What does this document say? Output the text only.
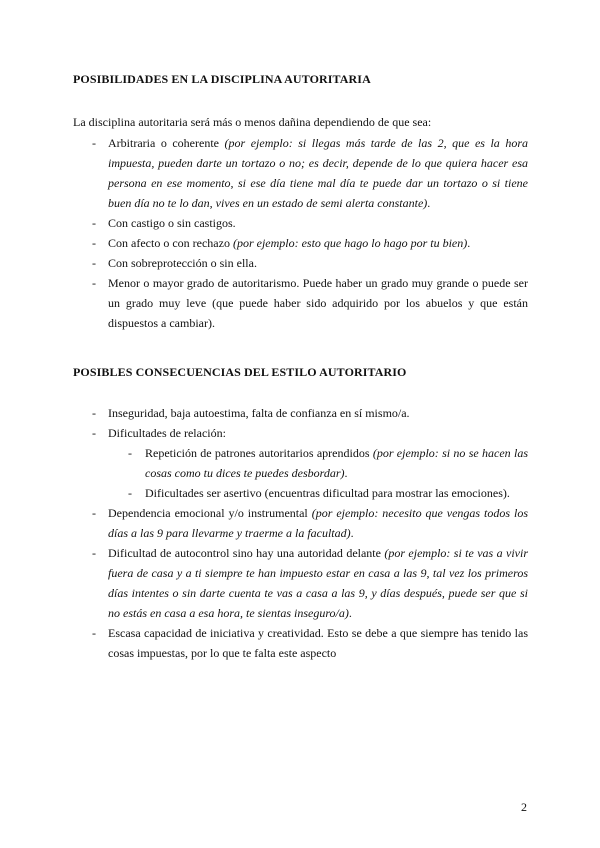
POSIBILIDADES EN LA DISCIPLINA AUTORITARIA
La disciplina autoritaria será más o menos dañina dependiendo de que sea:
- Arbitraria o coherente (por ejemplo: si llegas más tarde de las 2, que es la hora impuesta, pueden darte un tortazo o no; es decir, depende de lo que quiera hacer esa persona en ese momento, si ese día tiene mal día te puede dar un tortazo o si tiene buen día no te lo dan, vives en un estado de semi alerta constante).
- Con castigo o sin castigos.
- Con afecto o con rechazo (por ejemplo: esto que hago lo hago por tu bien).
- Con sobreprotección o sin ella.
- Menor o mayor grado de autoritarismo. Puede haber un grado muy grande o puede ser un grado muy leve (que puede haber sido adquirido por los abuelos y que están dispuestos a cambiar).
POSIBLES CONSECUENCIAS DEL ESTILO AUTORITARIO
- Inseguridad, baja autoestima, falta de confianza en sí mismo/a.
- Dificultades de relación:
- Repetición de patrones autoritarios aprendidos (por ejemplo: si no se hacen las cosas como tu dices te puedes desbordar).
- Dificultades ser asertivo (encuentras dificultad para mostrar las emociones).
- Dependencia emocional y/o instrumental (por ejemplo: necesito que vengas todos los días a las 9 para llevarme y traerme a la facultad).
- Dificultad de autocontrol sino hay una autoridad delante (por ejemplo: si te vas a vivir fuera de casa y a ti siempre te han impuesto estar en casa a las 9, tal vez los primeros días intentes o sin darte cuenta te vas a casa a las 9, y días después, puede ser que si no estás en casa a esa hora, te sientas inseguro/a).
- Escasa capacidad de iniciativa y creatividad. Esto se debe a que siempre has tenido las cosas impuestas, por lo que te falta este aspecto
2
